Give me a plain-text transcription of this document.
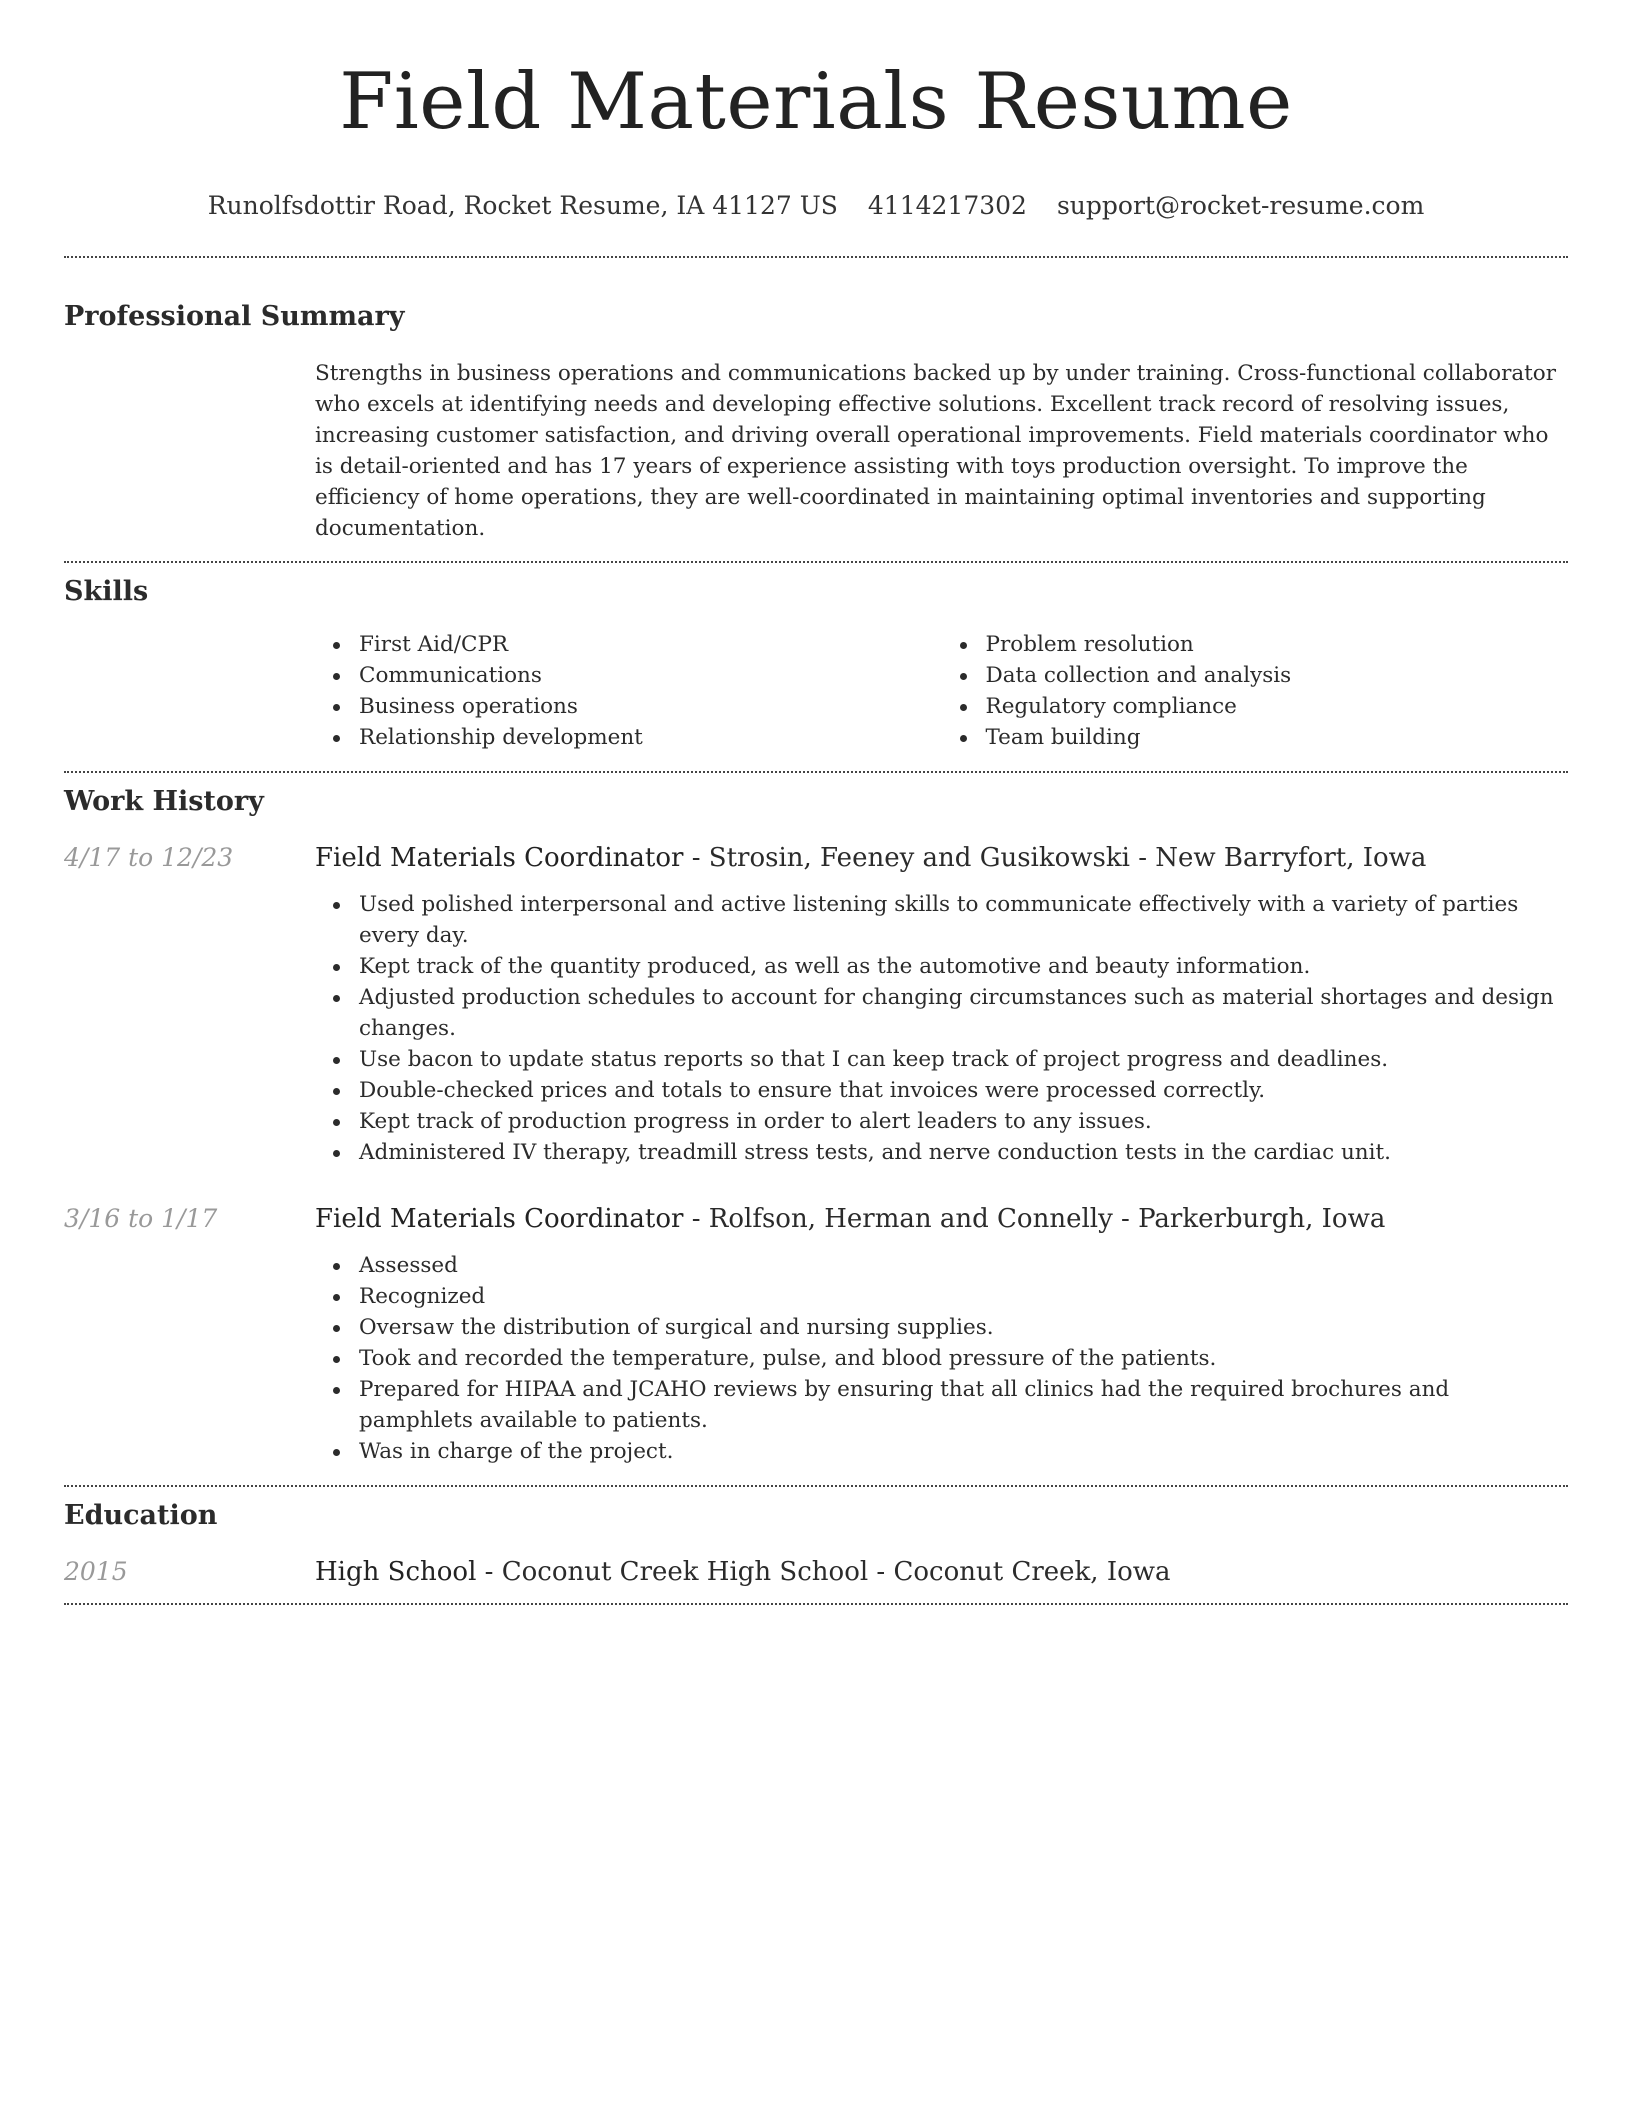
Field Materials Resume
Runolfsdottir Road, Rocket Resume, IA 41127 US 4114217302 support@rocket-resume.com
Professional Summary
Strengths in business operations and communications backed up by under training. Cross-functional collaborator who excels at identifying needs and developing effective solutions. Excellent track record of resolving issues, increasing customer satisfaction, and driving overall operational improvements. Field materials coordinator who is detail-oriented and has 17 years of experience assisting with toys production oversight. To improve the efficiency of home operations, they are well-coordinated in maintaining optimal inventories and supporting documentation.
Skills
First Aid/CPR
Communications
Business operations
Relationship development
Problem resolution
Data collection and analysis
Regulatory compliance
Team building
Work History
4/17 to 12/23	Field Materials Coordinator - Strosin, Feeney and Gusikowski - New Barryfort, Iowa
Used polished interpersonal and active listening skills to communicate effectively with a variety of parties every day.
Kept track of the quantity produced, as well as the automotive and beauty information.
Adjusted production schedules to account for changing circumstances such as material shortages and design changes.
Use bacon to update status reports so that I can keep track of project progress and deadlines.
Double-checked prices and totals to ensure that invoices were processed correctly.
Kept track of production progress in order to alert leaders to any issues.
Administered IV therapy, treadmill stress tests, and nerve conduction tests in the cardiac unit.
3/16 to 1/17	Field Materials Coordinator - Rolfson, Herman and Connelly - Parkerburgh, Iowa
Assessed
Recognized
Oversaw the distribution of surgical and nursing supplies.
Took and recorded the temperature, pulse, and blood pressure of the patients.
Prepared for HIPAA and JCAHO reviews by ensuring that all clinics had the required brochures and pamphlets available to patients.
Was in charge of the project.
Education
2015	High School - Coconut Creek High School - Coconut Creek, Iowa
